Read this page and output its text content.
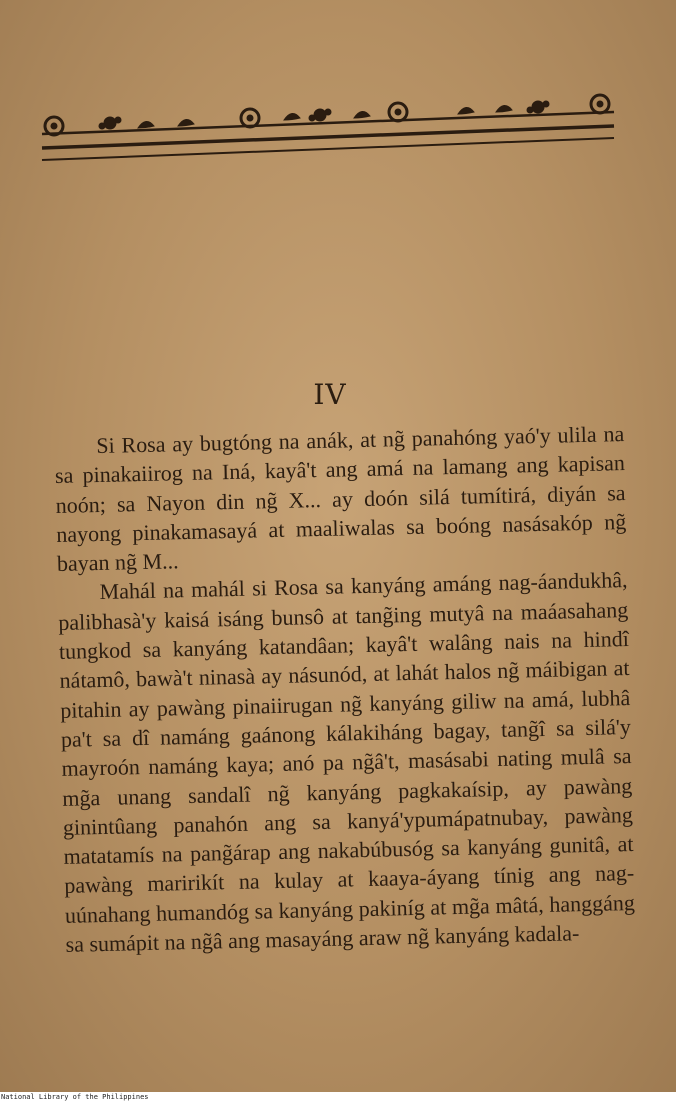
IV

Si Rosa ay bugtóng na anák, at ng̃ panahóng yaó'y ulila na sa pinakaiirog na Iná, kayâ't ang amá na lamang ang kapisan noón; sa Nayon din ng̃ X... ay doón silá tumítirá, diyán sa nayong pinakamasayá at maaliwalas sa boóng nasásakóp ng̃ bayan ng̃ M...

Mahál na mahál si Rosa sa kanyáng amáng nag-áandukhâ, palibhasà'y kaisá isáng bunsô at tang̃ing mutyâ na maáasahang tungkod sa kanyáng katandâan; kayâ't walâng nais na hindî nátamô, bawà't ninasà ay násunód, at lahát halos ng̃ máibigan at pitahin ay pawàng pinaiirugan ng̃ kanyáng giliw na amá, lubhâ pa't sa dî namáng gaánong kálakiháng bagay, tang̃î sa silá'y mayroón namáng kaya; anó pa ng̃â't, masásabi nating mulâ sa mg̃a unang sandalî ng̃ kanyáng pagkakaísip, ay pawàng ginintûang panahón ang sa kanyá'ypumápatnubay, pawàng matatamís na pang̃árap ang nakabúbusóg sa kanyáng gunitâ, at pawàng maririkít na kulay at kaaya-áyang tínig ang nag-uúnahang humandóg sa kanyáng pakiníg at mg̃a mâtá, hanggáng sa sumápit na ng̃â ang masayáng araw ng̃ kanyáng kadala-

National Library of the Philippines
